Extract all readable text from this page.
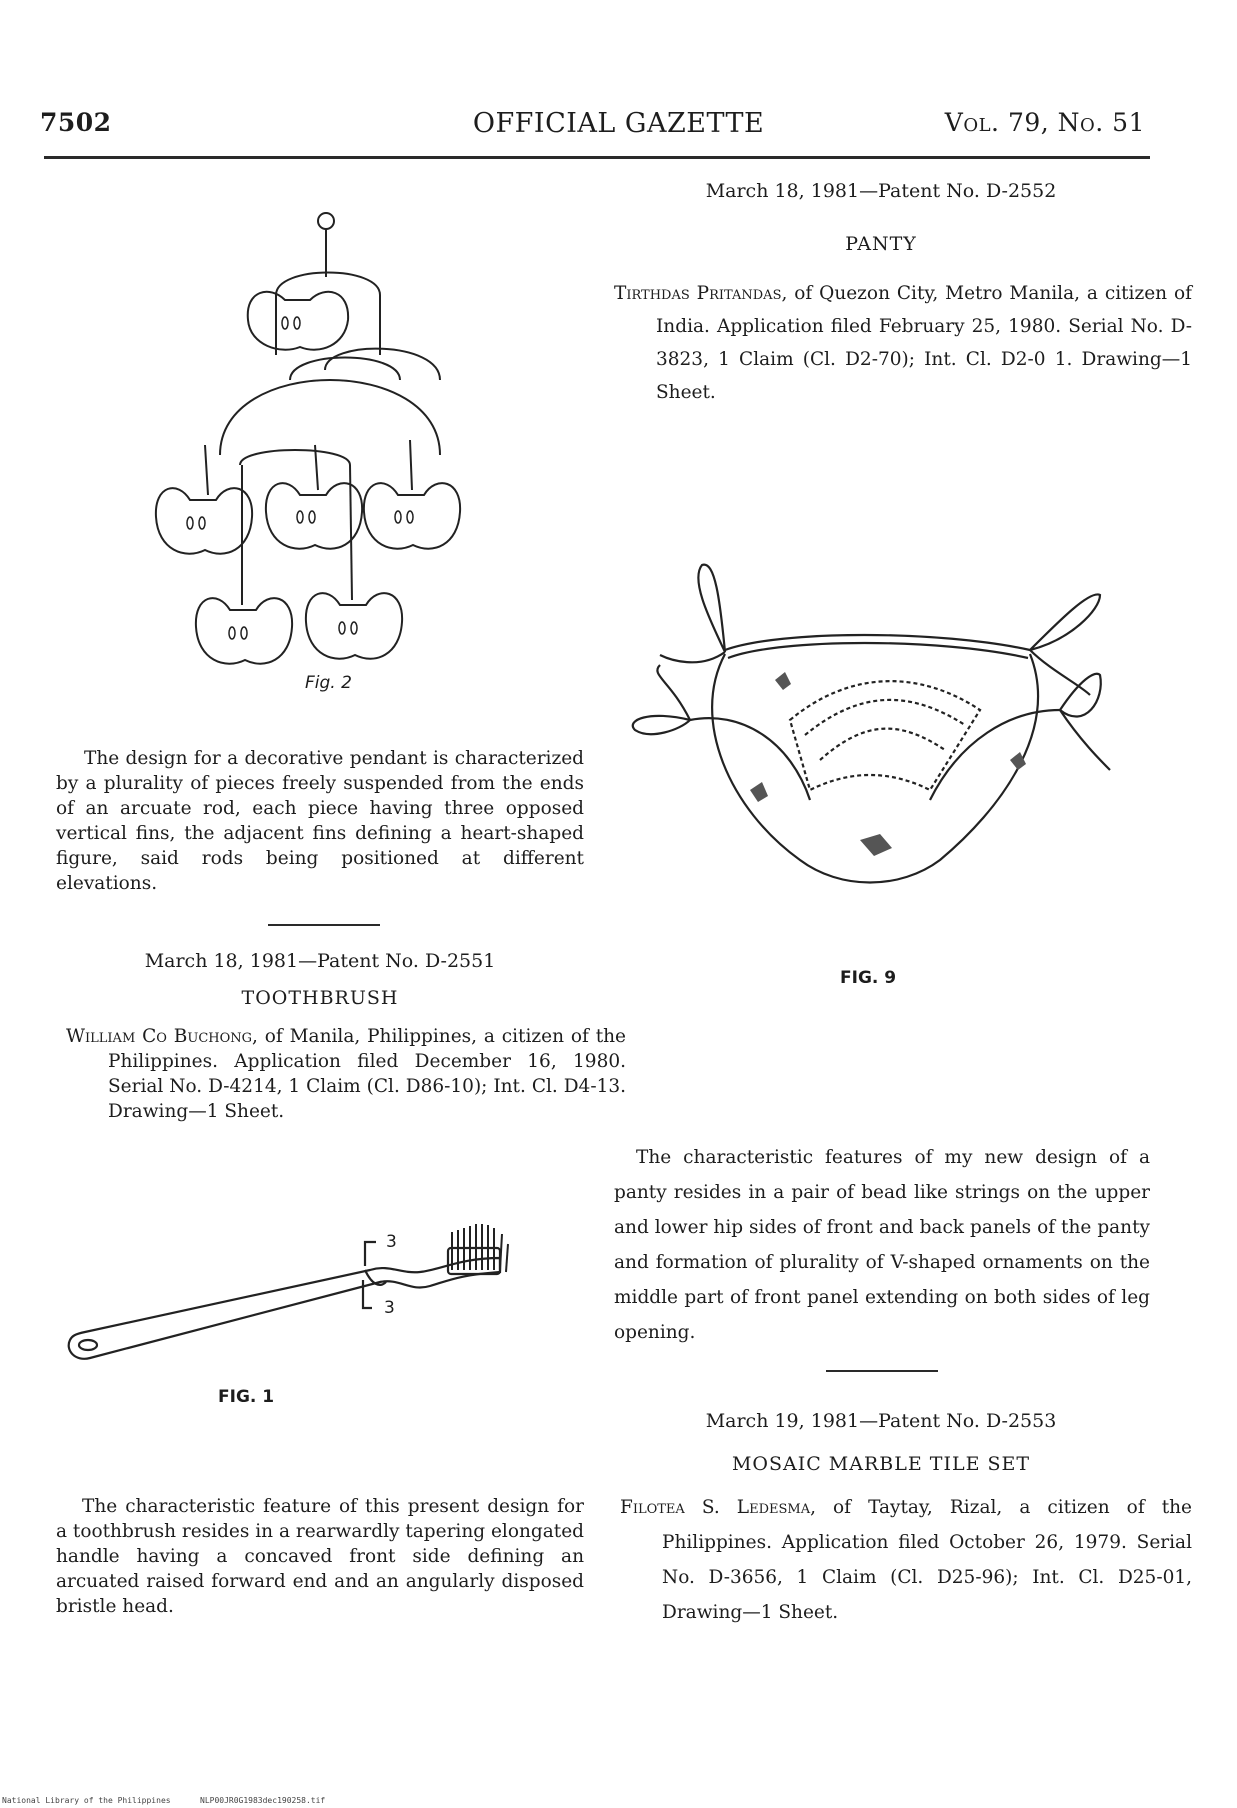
7502	OFFICIAL GAZETTE	Vol. 79, No. 51
Fig. 2
The design for a decorative pendant is characterized by a plurality of pieces freely suspended from the ends of an arcuate rod, each piece having three opposed vertical fins, the adjacent fins defining a heart-shaped figure, said rods being positioned at different elevations.
March 18, 1981—Patent No. D-2551
TOOTHBRUSH
William Co Buchong, of Manila, Philippines, a citizen of the Philippines. Application filed December 16, 1980. Serial No. D-4214, 1 Claim (Cl. D86-10); Int. Cl. D4-13. Drawing—1 Sheet.
3
3
FIG. 1
The characteristic feature of this present design for a toothbrush resides in a rearwardly tapering elongated handle having a concaved front side defining an arcuated raised forward end and an angularly disposed bristle head.
March 18, 1981—Patent No. D-2552
PANTY
Tirthdas Pritandas, of Quezon City, Metro Manila, a citizen of India. Application filed February 25, 1980. Serial No. D-3823, 1 Claim (Cl. D2-70); Int. Cl. D2-0 1. Drawing—1 Sheet.
FIG. 9
The characteristic features of my new design of a panty resides in a pair of bead like strings on the upper and lower hip sides of front and back panels of the panty and formation of plurality of V-shaped ornaments on the middle part of front panel extending on both sides of leg opening.
March 19, 1981—Patent No. D-2553
MOSAIC MARBLE TILE SET
Filotea S. Ledesma, of Taytay, Rizal, a citizen of the Philippines. Application filed October 26, 1979. Serial No. D-3656, 1 Claim (Cl. D25-96); Int. Cl. D25-01, Drawing—1 Sheet.
National Library of the Philippines	NLP00JR0G1983dec190258.tif
